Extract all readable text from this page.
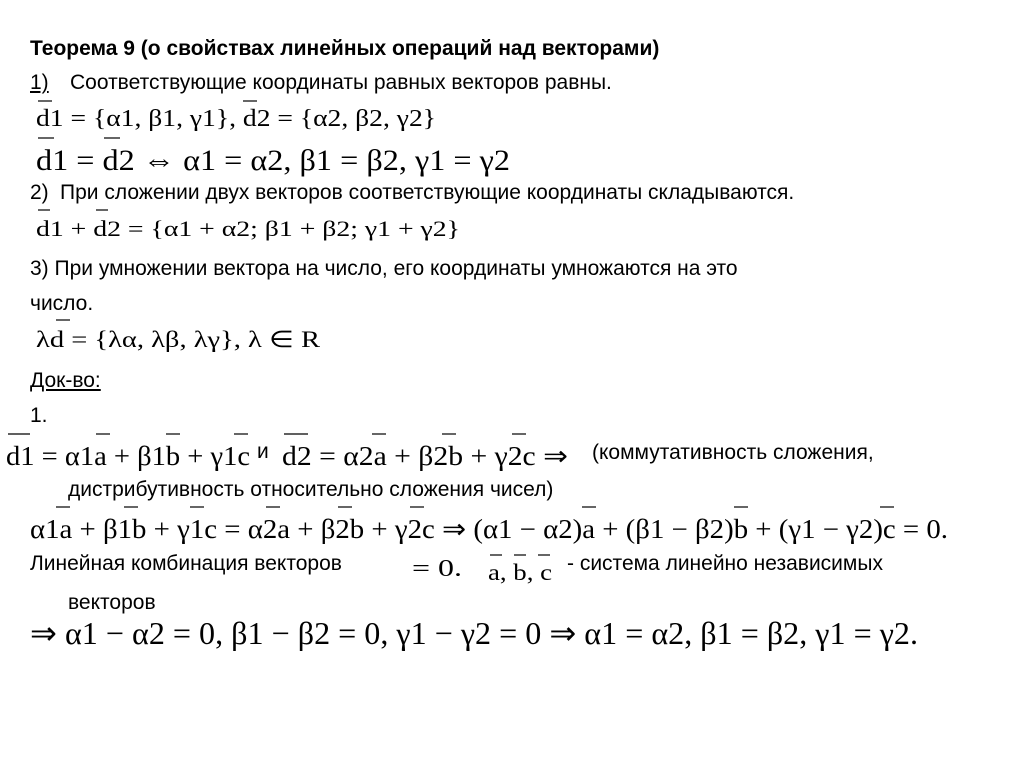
Теорема 9 (о свойствах линейных операций над векторами)
1) Соответствующие координаты равных векторов равны.
2) При сложении двух векторов соответствующие координаты складываются.
3) При умножении вектора на число, его координаты умножаются на это
число.
Док-во:
1.
и	(коммутативность сложения,
дистрибутивность относительно сложения чисел)
Линейная комбинация векторов	- система линейно независимых
векторов
d1 = {α1, β1, γ1}, d2 = {α2, β2, γ2}
d1 = d2 ⇔ α1 = α2, β1 = β2, γ1 = γ2
d1 + d2 = {α1 + α2; β1 + β2; γ1 + γ2}
λd = {λα, λβ, λγ}, λ ∈ R
d1 = α1a + β1b + γ1c d2 = α2a + β2b + γ2c ⇒
α1a + β1b + γ1c = α2a + β2b + γ2c ⇒ (α1 − α2)a + (β1 − β2)b + (γ1 − γ2)c = 0.
= 0. a, b, c
⇒ α1 − α2 = 0, β1 − β2 = 0, γ1 − γ2 = 0 ⇒ α1 = α2, β1 = β2, γ1 = γ2.
